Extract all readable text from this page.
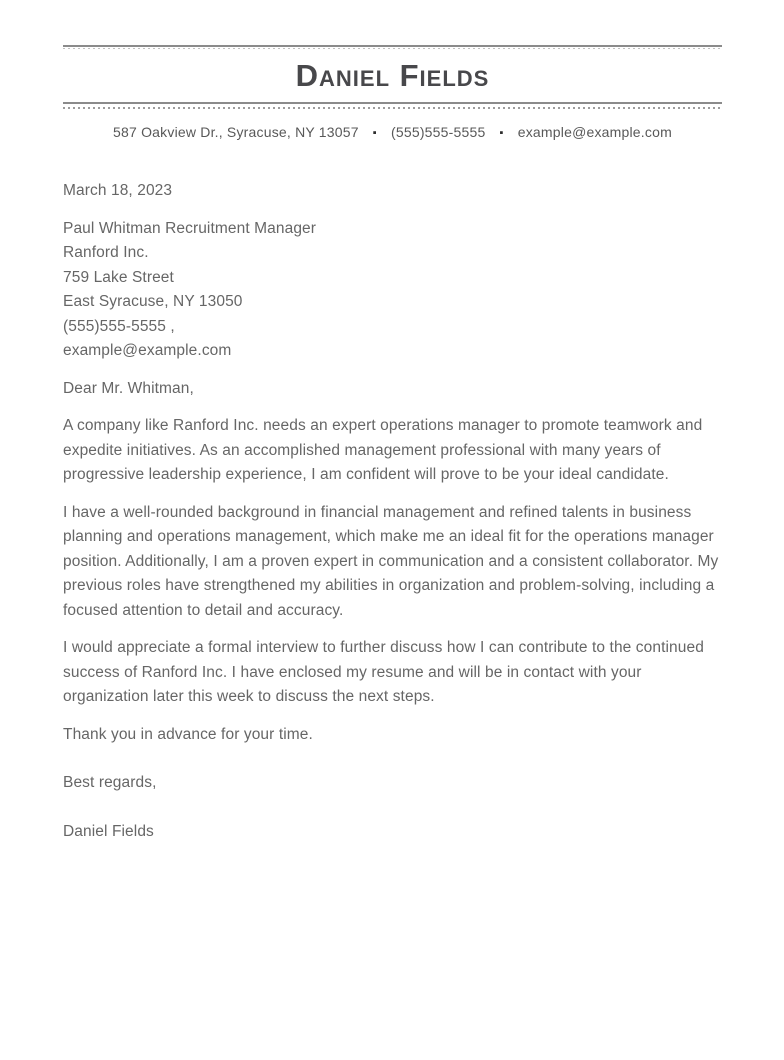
Daniel Fields
587 Oakview Dr., Syracuse, NY 13057 ▪ (555)555-5555 ▪ example@example.com

March 18, 2023

Paul Whitman Recruitment Manager
Ranford Inc.
759 Lake Street
East Syracuse, NY 13050
(555)555-5555 ,
example@example.com

Dear Mr. Whitman,

A company like Ranford Inc. needs an expert operations manager to promote teamwork and expedite initiatives. As an accomplished management professional with many years of progressive leadership experience, I am confident will prove to be your ideal candidate.

I have a well-rounded background in financial management and refined talents in business planning and operations management, which make me an ideal fit for the operations manager position. Additionally, I am a proven expert in communication and a consistent collaborator. My previous roles have strengthened my abilities in organization and problem-solving, including a focused attention to detail and accuracy.

I would appreciate a formal interview to further discuss how I can contribute to the continued success of Ranford Inc. I have enclosed my resume and will be in contact with your organization later this week to discuss the next steps.

Thank you in advance for your time.

Best regards,

Daniel Fields
